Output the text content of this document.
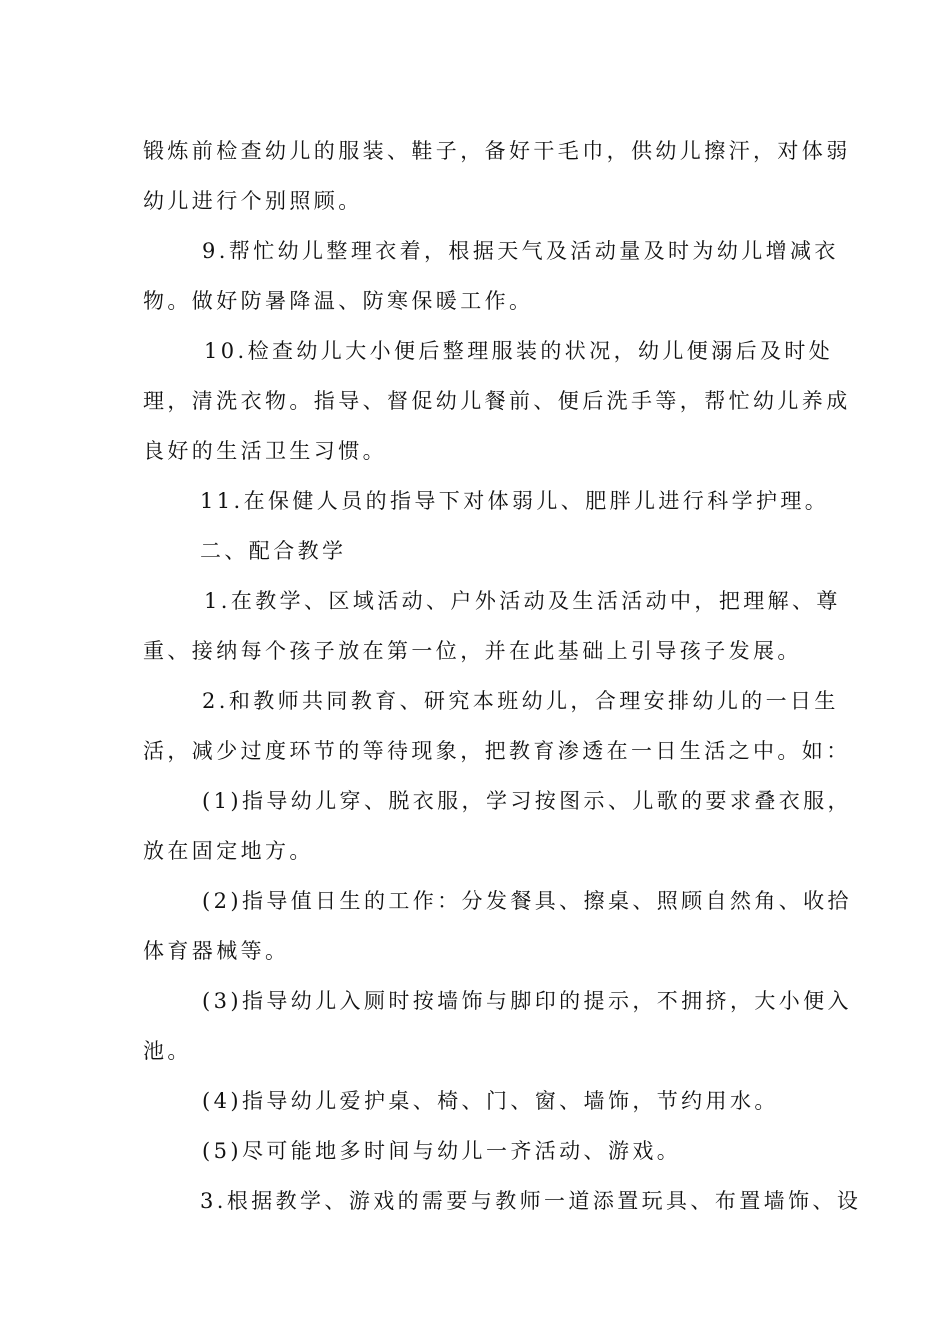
锻炼前检查幼儿的服装、鞋子，备好干毛巾，供幼儿擦汗，对体弱
幼儿进行个别照顾。
9.帮忙幼儿整理衣着，根据天气及活动量及时为幼儿增减衣
物。做好防暑降温、防寒保暖工作。
10.检查幼儿大小便后整理服装的状况，幼儿便溺后及时处
理，清洗衣物。指导、督促幼儿餐前、便后洗手等，帮忙幼儿养成
良好的生活卫生习惯。
11.在保健人员的指导下对体弱儿、肥胖儿进行科学护理。
二、配合教学
1.在教学、区域活动、户外活动及生活活动中，把理解、尊
重、接纳每个孩子放在第一位，并在此基础上引导孩子发展。
2.和教师共同教育、研究本班幼儿，合理安排幼儿的一日生
活，减少过度环节的等待现象，把教育渗透在一日生活之中。如：
(1)指导幼儿穿、脱衣服，学习按图示、儿歌的要求叠衣服，
放在固定地方。
(2)指导值日生的工作：分发餐具、擦桌、照顾自然角、收拾
体育器械等。
(3)指导幼儿入厕时按墙饰与脚印的提示，不拥挤，大小便入
池。
(4)指导幼儿爱护桌、椅、门、窗、墙饰，节约用水。
(5)尽可能地多时间与幼儿一齐活动、游戏。
3.根据教学、游戏的需要与教师一道添置玩具、布置墙饰、设
